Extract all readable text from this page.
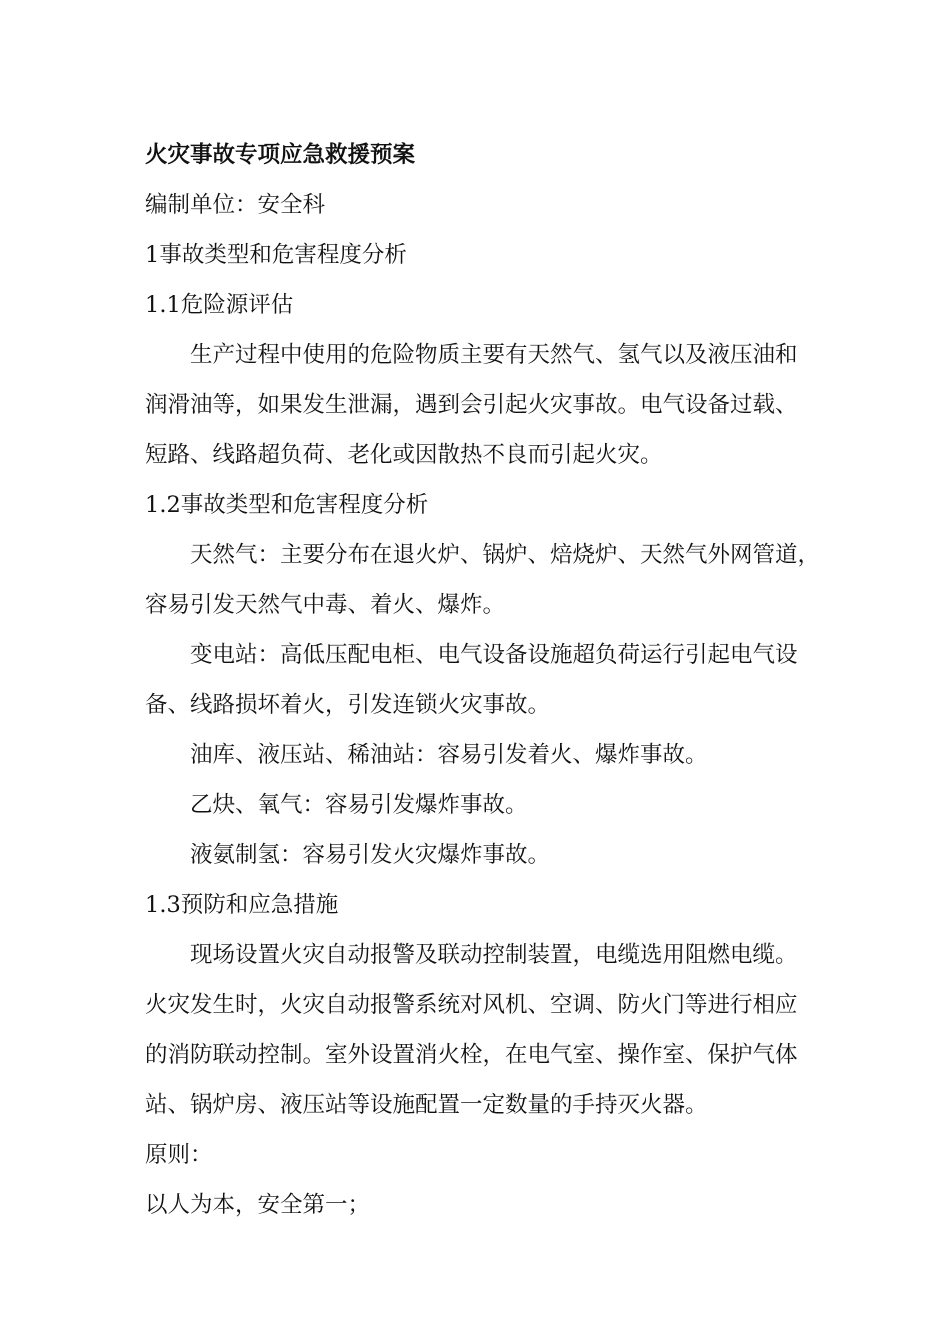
火灾事故专项应急救援预案
编制单位：安全科
1事故类型和危害程度分析
1.1危险源评估
生产过程中使用的危险物质主要有天然气、氢气以及液压油和
润滑油等，如果发生泄漏，遇到会引起火灾事故。电气设备过载、
短路、线路超负荷、老化或因散热不良而引起火灾。
1.2事故类型和危害程度分析
天然气：主要分布在退火炉、锅炉、焙烧炉、天然气外网管道，
容易引发天然气中毒、着火、爆炸。
变电站：高低压配电柜、电气设备设施超负荷运行引起电气设
备、线路损坏着火，引发连锁火灾事故。
油库、液压站、稀油站：容易引发着火、爆炸事故。
乙炔、氧气：容易引发爆炸事故。
液氨制氢：容易引发火灾爆炸事故。
1.3预防和应急措施
现场设置火灾自动报警及联动控制装置，电缆选用阻燃电缆。
火灾发生时，火灾自动报警系统对风机、空调、防火门等进行相应
的消防联动控制。室外设置消火栓，在电气室、操作室、保护气体
站、锅炉房、液压站等设施配置一定数量的手持灭火器。
原则：
以人为本，安全第一；
